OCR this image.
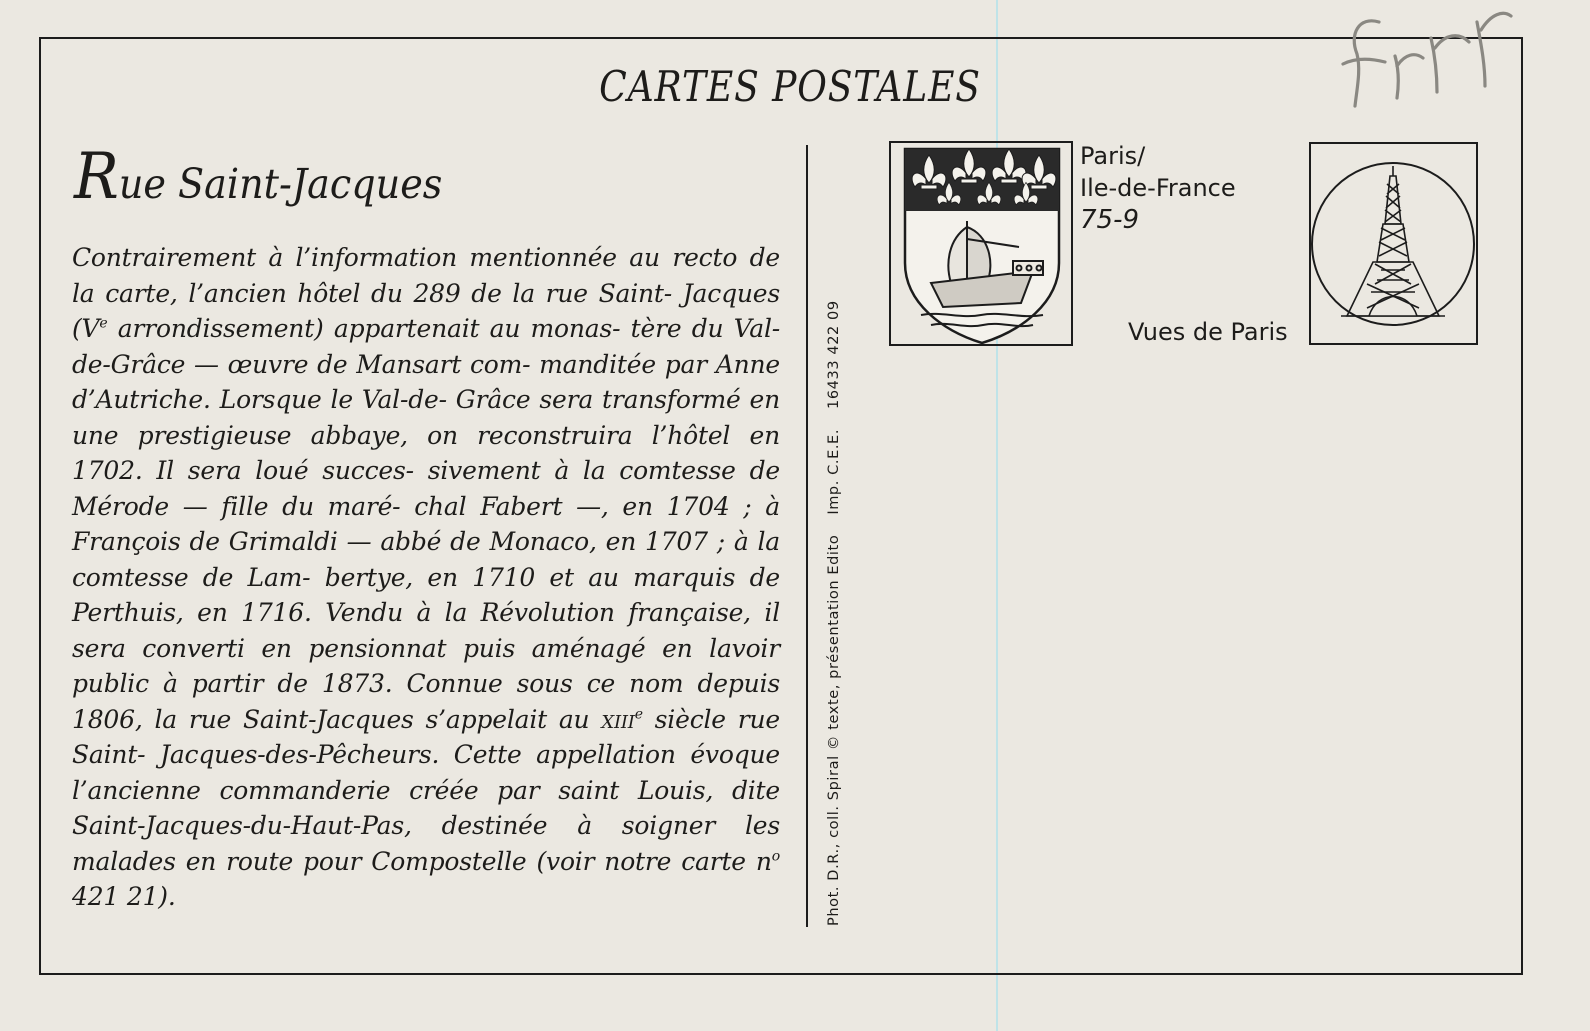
CARTES POSTALES
Rue Saint-Jacques
Contrairement à l’information mentionnée au recto de la carte, l’ancien hôtel du 289 de la rue Saint- Jacques (Ve arrondissement) appartenait au monas- tère du Val-de-Grâce — œuvre de Mansart com- manditée par Anne d’Autriche. Lorsque le Val-de- Grâce sera transformé en une prestigieuse abbaye, on reconstruira l’hôtel en 1702. Il sera loué succes- sivement à la comtesse de Mérode — fille du maré- chal Fabert —, en 1704 ; à François de Grimaldi — abbé de Monaco, en 1707 ; à la comtesse de Lam- bertye, en 1710 et au marquis de Perthuis, en 1716. Vendu à la Révolution française, il sera converti en pensionnat puis aménagé en lavoir public à partir de 1873. Connue sous ce nom depuis 1806, la rue Saint-Jacques s’appelait au xiii$^e$ siècle rue Saint- Jacques-des-Pêcheurs. Cette appellation évoque l’ancienne commanderie créée par saint Louis, dite Saint-Jacques-du-Haut-Pas, destinée à soigner les malades en route pour Compostelle (voir notre carte $n^o$ 421 21).	Phot. D.R., coll. Spiral © texte, présentation EditoImp. C.E.E.16433 422 09
Paris/
Ile-de-France
75-9
Vues de Paris
